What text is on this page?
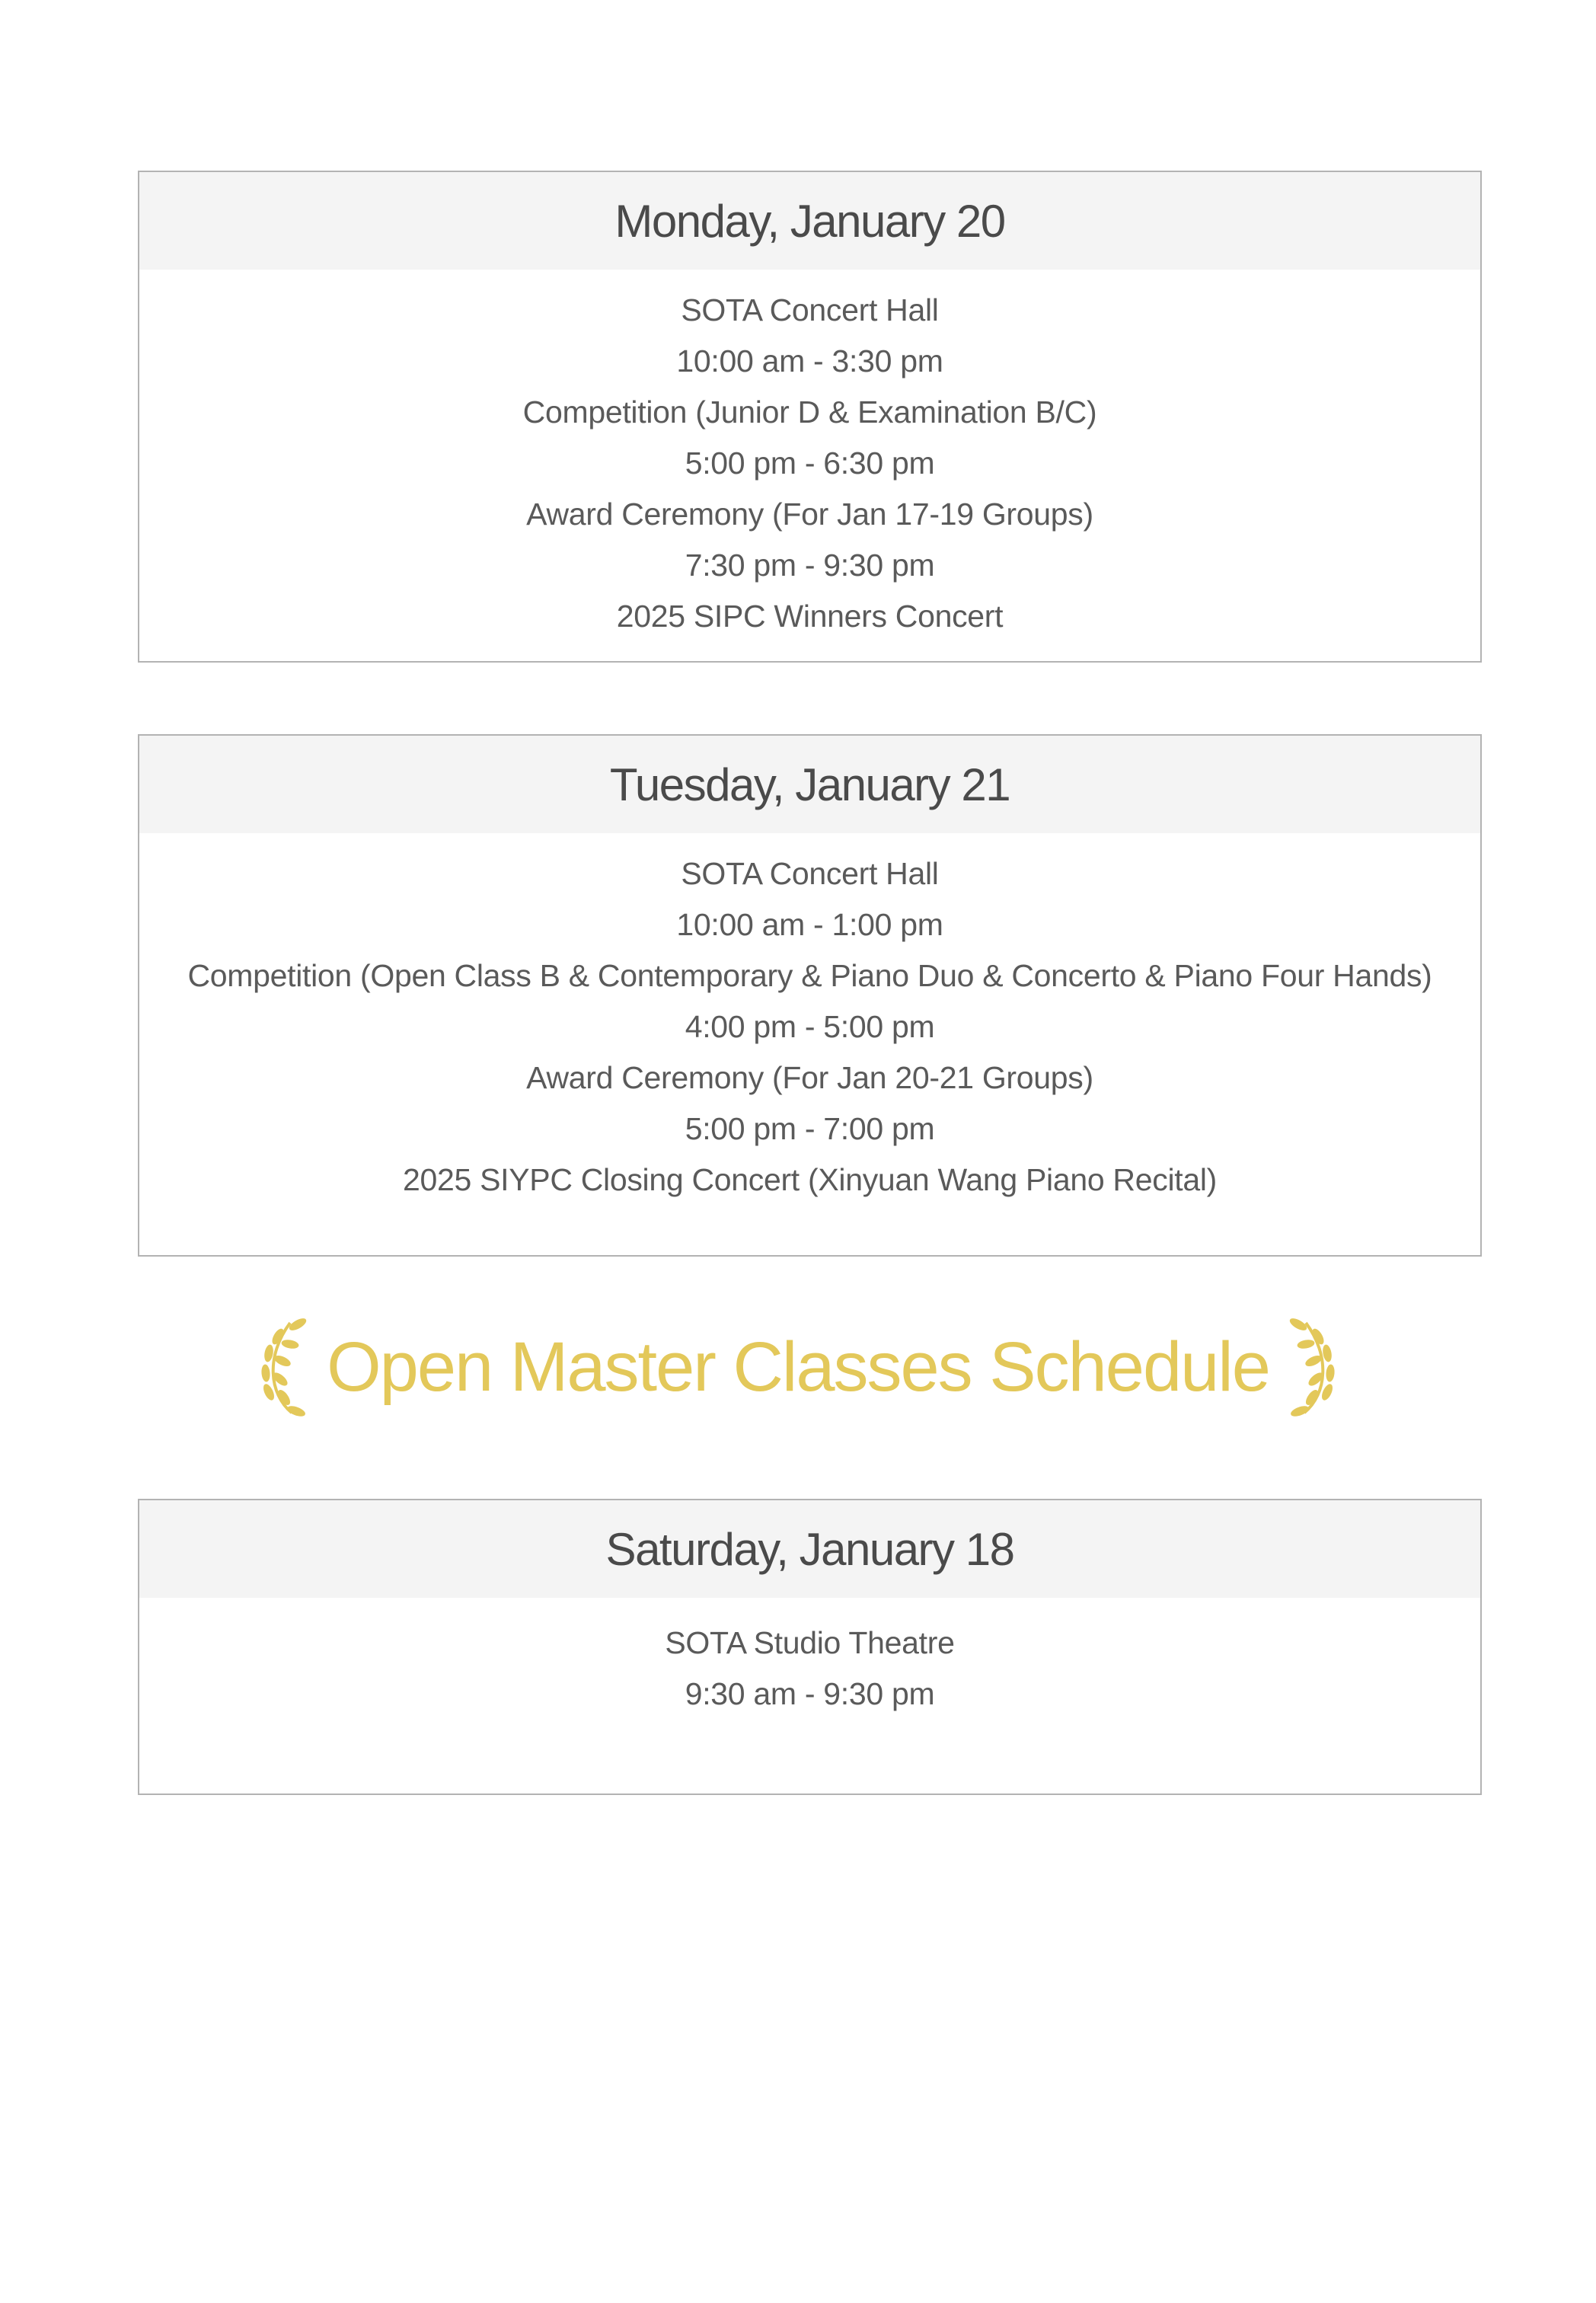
Monday, January 20
SOTA Concert Hall
10:00 am - 3:30 pm
Competition (Junior D & Examination B/C)
5:00 pm - 6:30 pm
Award Ceremony (For Jan 17-19 Groups)
7:30 pm - 9:30 pm
2025 SIPC Winners Concert
Tuesday, January 21
SOTA Concert Hall
10:00 am - 1:00 pm
Competition (Open Class B & Contemporary & Piano Duo & Concerto & Piano Four Hands)
4:00 pm - 5:00 pm
Award Ceremony (For Jan 20-21 Groups)
5:00 pm - 7:00 pm
2025 SIYPC Closing Concert (Xinyuan Wang Piano Recital)
Open Master Classes Schedule
Saturday, January 18
SOTA Studio Theatre
9:30 am - 9:30 pm
